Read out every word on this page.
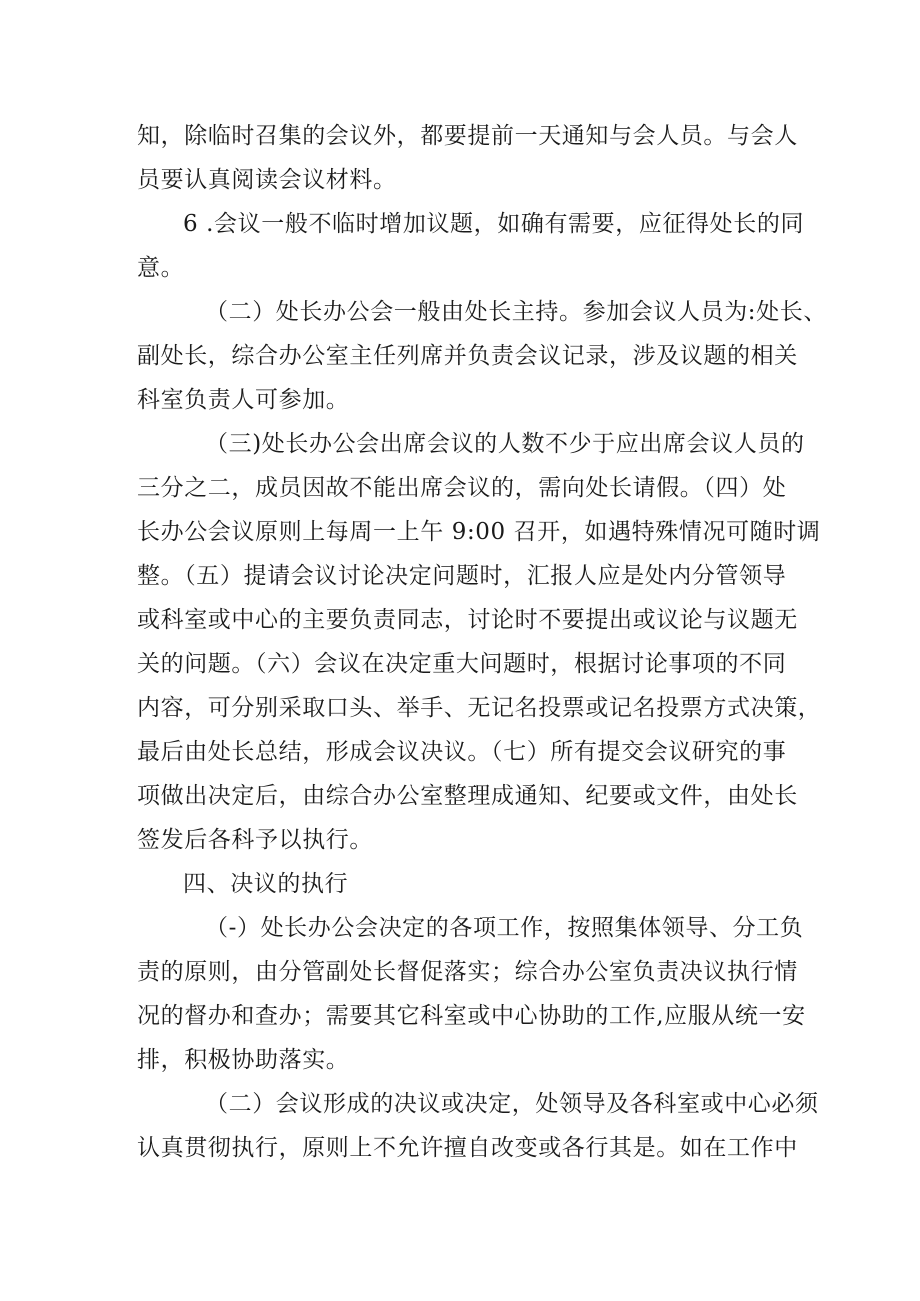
知，除临时召集的会议外，都要提前一天通知与会人员。与会人
员要认真阅读会议材料。
6 .会议一般不临时增加议题，如确有需要，应征得处长的同
意。
（二）处长办公会一般由处长主持。参加会议人员为:处长、
副处长，综合办公室主任列席并负责会议记录，涉及议题的相关
科室负责人可参加。
（三)处长办公会出席会议的人数不少于应出席会议人员的
三分之二，成员因故不能出席会议的，需向处长请假。（四）处
长办公会议原则上每周一上午 9:00 召开，如遇特殊情况可随时调
整。（五）提请会议讨论决定问题时，汇报人应是处内分管领导
或科室或中心的主要负责同志，讨论时不要提出或议论与议题无
关的问题。（六）会议在决定重大问题时，根据讨论事项的不同
内容，可分别采取口头、举手、无记名投票或记名投票方式决策，
最后由处长总结，形成会议决议。（七）所有提交会议研究的事
项做出决定后，由综合办公室整理成通知、纪要或文件，由处长
签发后各科予以执行。
四、决议的执行
（-）处长办公会决定的各项工作，按照集体领导、分工负
责的原则，由分管副处长督促落实；综合办公室负责决议执行情
况的督办和查办；需要其它科室或中心协助的工作,应服从统一安
排，积极协助落实。
（二）会议形成的决议或决定，处领导及各科室或中心必须
认真贯彻执行，原则上不允许擅自改变或各行其是。如在工作中
